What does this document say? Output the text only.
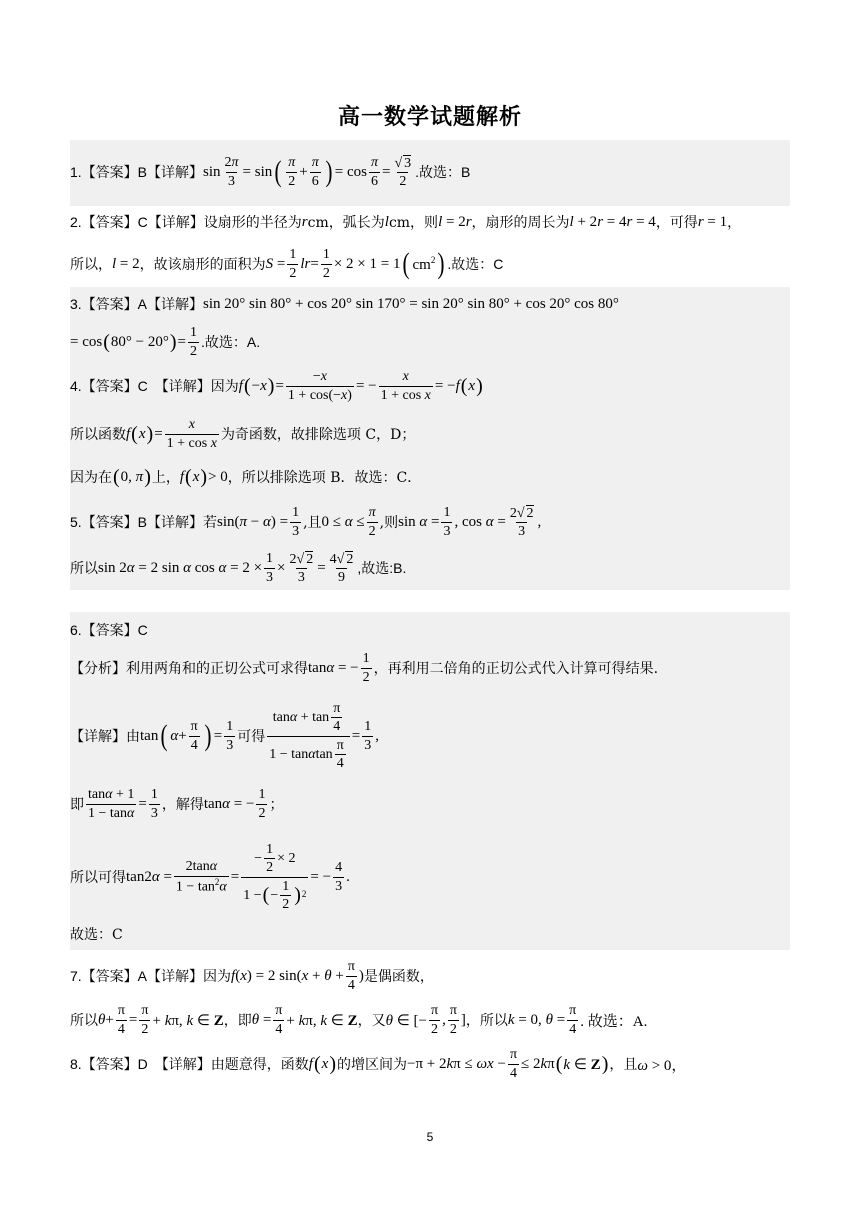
高一数学试题解析
1.【答案】B【详解】 $\sin \frac{2\pi}{3} = \sin$ ( π
2
+ $\frac{\pi}{6}$ ) = $\cos \frac{\pi}{6} = \frac{√ 3}{2}$ .故选：B
2.【答案】C【详解】 设扇形的半径为 r cm，弧长为 l cm，则 l = 2r ，扇形的周长为 l + 2r = 4r = 4 ，可得 r = 1 ，
所以， l = 2 ，故该扇形的面积为 $S = \frac{1}{2}$ lr = $\frac{1}{2} \times 2 \times 1 = 1$ ( $cm^2$ ) .故选：C
3.【答案】A【详解】 sin 20° sin 80° + cos 20° sin 170° = sin 20° sin 80° + cos 20° cos 80°
= cos ( 80° − 20° ) = $\frac{1}{2}$ .故选：A.
4.【答案】C　【详解】 因为 f ( −x ) = $\frac{-x}{1 + \cos(-x)}$ = − $\frac{x}{\text{1 + cos x}} = -f$ ( x )
所以函数 f ( x ) = $\frac{x}{\text{1 + cos x}}$ 为奇函数，故排除选项 C，D；
因为在 ( 0, π ) 上， f ( x ) > 0 ，所以排除选项 B．故选：C．
5.【答案】B【详解】 若 $\sin(\pi - \alpha) = \frac{1}{3}$ ,且 $0 \le \alpha \le \frac{\pi}{2}$ ,则 $\sin \alpha = \frac{1}{3}$ , $\cos \alpha = \frac{2√ 2}{3}$ ,
所以 sin 2α = 2 sin α $\cos \alpha = 2 \times \frac{1}{3} \times \frac{2√ 2}{3} = \frac{4√ 2}{9}$ ,故选:B.
6.【答案】C
【分析】利用两角和的正切公式可求得 tanα = − $\frac{1}{2}$ ，再利用二倍角的正切公式代入计算可得结果.
【详解】由 tan ( $\alpha + \frac{\pi}{4}$ ) = $\frac{1}{3}$ 可得 tan α + tan
π
4
1 − tan α tan
π
$4 = \frac{1}{3}$ ,
即 $\frac{\tan\alpha + 1}{1 - \tan\alpha} = \frac{1}{3}$ ，解得 tanα = − $\frac{1}{2}$ ；
所以可得 $\tan 2\alpha = \frac{2\tan\alpha}{1 - \tan^2\alpha}$ = −
1
2
× 2
1 − ( −
1
2 ) 2 = − $\frac{4}{3}$ .
故选：C
7.【答案】A【详解】 因为 f(x) = 2 $\sin(x + \theta + \frac{\pi}{4}$ ) 是偶函数，
所以 $\theta + \frac{\pi}{4} = \frac{\pi}{2} + k\pi$, k ∈ Z ，即 $\theta = \frac{\pi}{4} + k\pi$, k ∈ Z ，又 θ ∈ [− $\frac{\pi}{2}$ ,
π
2
] ，所以 k = 0, $\theta = \frac{\pi}{4}$ . 故选：A.
8.【答案】D　【详解】 由题意得，函数 f ( x ) 的增区间为 $-\pi + 2k\pi \le \omega x - \frac{\pi}{4} \le 2k\pi$ ( k ∈ Z ) ，且 ω > 0，
5
